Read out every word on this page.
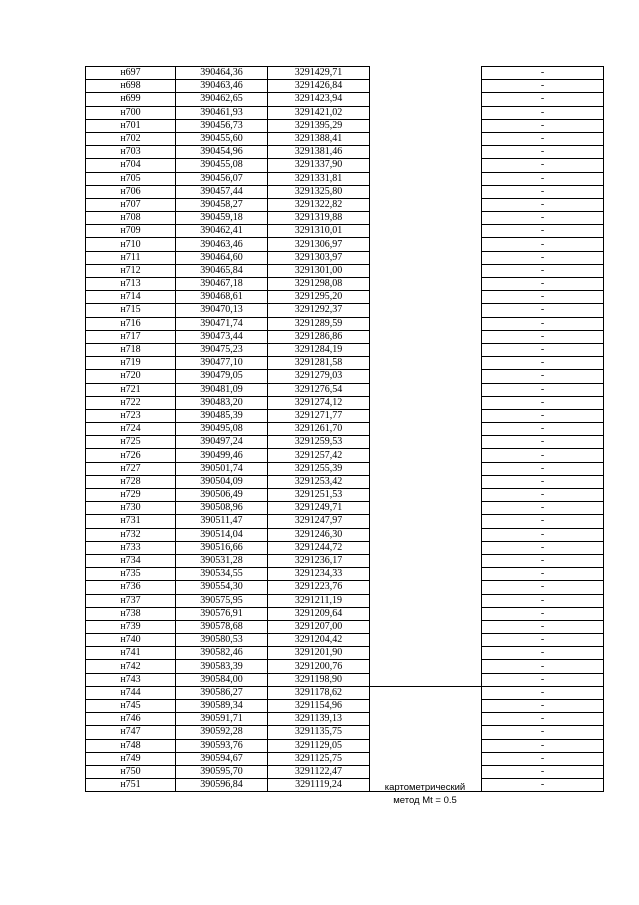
н697	390464,36	3291429,71		-
н698	390463,46	3291426,84		-
н699	390462,65	3291423,94		-
н700	390461,93	3291421,02		-
н701	390456,73	3291395,29		-
н702	390455,60	3291388,41		-
н703	390454,96	3291381,46		-
н704	390455,08	3291337,90		-
н705	390456,07	3291331,81		-
н706	390457,44	3291325,80		-
н707	390458,27	3291322,82		-
н708	390459,18	3291319,88		-
н709	390462,41	3291310,01		-
н710	390463,46	3291306,97		-
н711	390464,60	3291303,97		-
н712	390465,84	3291301,00		-
н713	390467,18	3291298,08		-
н714	390468,61	3291295,20		-
н715	390470,13	3291292,37		-
н716	390471,74	3291289,59		-
н717	390473,44	3291286,86		-
н718	390475,23	3291284,19		-
н719	390477,10	3291281,58		-
н720	390479,05	3291279,03		-
н721	390481,09	3291276,54		-
н722	390483,20	3291274,12		-
н723	390485,39	3291271,77		-
н724	390495,08	3291261,70		-
н725	390497,24	3291259,53		-
н726	390499,46	3291257,42		-
н727	390501,74	3291255,39		-
н728	390504,09	3291253,42		-
н729	390506,49	3291251,53		-
н730	390508,96	3291249,71		-
н731	390511,47	3291247,97		-
н732	390514,04	3291246,30		-
н733	390516,66	3291244,72		-
н734	390531,28	3291236,17		-
н735	390534,55	3291234,33		-
н736	390554,30	3291223,76		-
н737	390575,95	3291211,19		-
н738	390576,91	3291209,64		-
н739	390578,68	3291207,00		-
н740	390580,53	3291204,42		-
н741	390582,46	3291201,90		-
н742	390583,39	3291200,76		-
н743	390584,00	3291198,90		-
н744	390586,27	3291178,62		-
н745	390589,34	3291154,96		-
н746	390591,71	3291139,13		-
н747	390592,28	3291135,75		-
н748	390593,76	3291129,05		-
н749	390594,67	3291125,75		-
н750	390595,70	3291122,47		-
н751	390596,84	3291119,24		-
картометрический
метод Mt = 0.5
